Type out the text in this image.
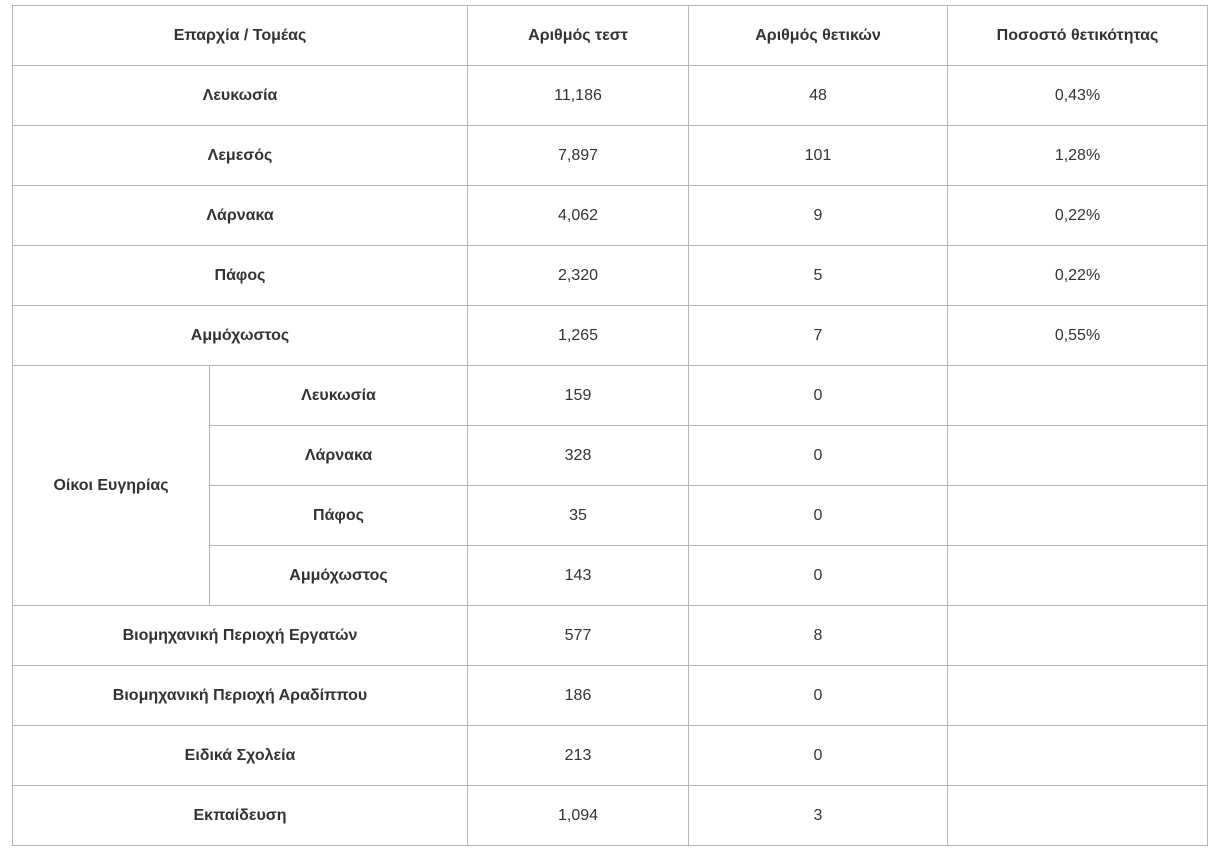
Επαρχία / Τομέας		Αριθμός τεστ	Αριθμός θετικών	Ποσοστό θετικότητας
Λευκωσία		11,186	48	0,43%
Λεμεσός		7,897	101	1,28%
Λάρνακα		4,062	9	0,22%
Πάφος		2,320	5	0,22%
Αμμόχωστος		1,265	7	0,55%
Οίκοι Ευγηρίας	Λευκωσία	159	0	
	Λάρνακα	328	0	
	Πάφος	35	0	
	Αμμόχωστος	143	0	
Βιομηχανική Περιοχή Εργατών		577	8	
Βιομηχανική Περιοχή Αραδίππου		186	0	
Ειδικά Σχολεία		213	0	
Εκπαίδευση		1,094	3	
